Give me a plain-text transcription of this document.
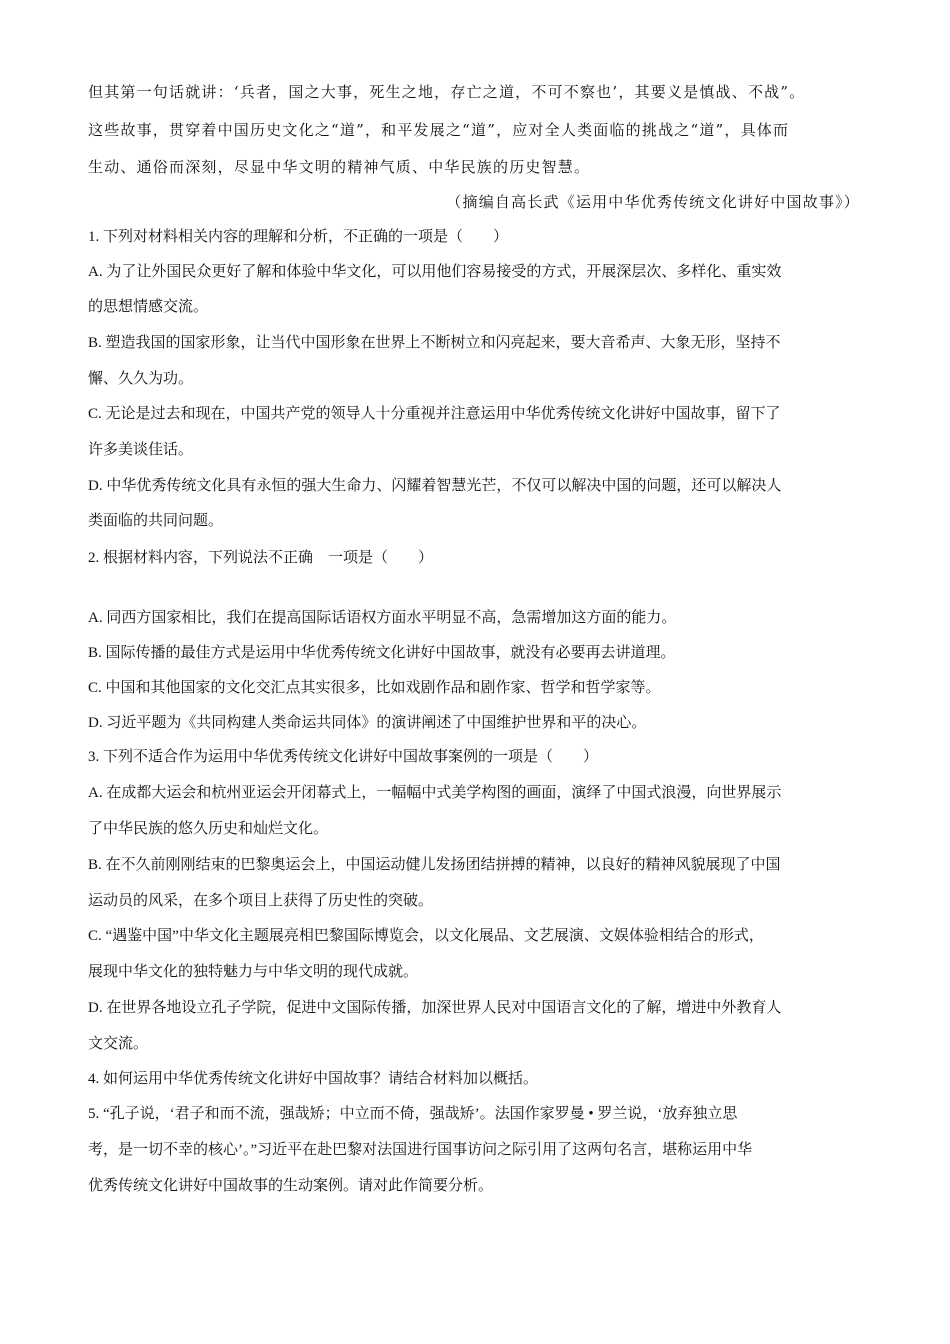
但其第一句话就讲：‘兵者，国之大事，死生之地，存亡之道，不可不察也’，其要义是慎战、不战”。
这些故事，贯穿着中国历史文化之“道”，和平发展之“道”，应对全人类面临的挑战之“道”，具体而
生动、通俗而深刻，尽显中华文明的精神气质、中华民族的历史智慧。
（摘编自高长武《运用中华优秀传统文化讲好中国故事》）
1. 下列对材料相关内容的理解和分析，不正确的一项是（　　）
A. 为了让外国民众更好了解和体验中华文化，可以用他们容易接受的方式，开展深层次、多样化、重实效
的思想情感交流。
B. 塑造我国的国家形象，让当代中国形象在世界上不断树立和闪亮起来，要大音希声、大象无形，坚持不
懈、久久为功。
C. 无论是过去和现在，中国共产党的领导人十分重视并注意运用中华优秀传统文化讲好中国故事，留下了
许多美谈佳话。
D. 中华优秀传统文化具有永恒的强大生命力、闪耀着智慧光芒，不仅可以解决中国的问题，还可以解决人
类面临的共同问题。
2. 根据材料内容，下列说法不正确　一项是（　　）
A. 同西方国家相比，我们在提高国际话语权方面水平明显不高，急需增加这方面的能力。
B. 国际传播的最佳方式是运用中华优秀传统文化讲好中国故事，就没有必要再去讲道理。
C. 中国和其他国家的文化交汇点其实很多，比如戏剧作品和剧作家、哲学和哲学家等。
D. 习近平题为《共同构建人类命运共同体》的演讲阐述了中国维护世界和平的决心。
3. 下列不适合作为运用中华优秀传统文化讲好中国故事案例的一项是（　　）
A. 在成都大运会和杭州亚运会开闭幕式上，一幅幅中式美学构图的画面，演绎了中国式浪漫，向世界展示
了中华民族的悠久历史和灿烂文化。
B. 在不久前刚刚结束的巴黎奥运会上，中国运动健儿发扬团结拼搏的精神，以良好的精神风貌展现了中国
运动员的风采，在多个项目上获得了历史性的突破。
C. “遇鉴中国”中华文化主题展亮相巴黎国际博览会，以文化展品、文艺展演、文娱体验相结合的形式，
展现中华文化的独特魅力与中华文明的现代成就。
D. 在世界各地设立孔子学院，促进中文国际传播，加深世界人民对中国语言文化的了解，增进中外教育人
文交流。
4. 如何运用中华优秀传统文化讲好中国故事？请结合材料加以概括。
5. “孔子说，‘君子和而不流，强哉矫；中立而不倚，强哉矫’。法国作家罗曼 • 罗兰说，‘放弃独立思
考，是一切不幸的核心’。”习近平在赴巴黎对法国进行国事访问之际引用了这两句名言，堪称运用中华
优秀传统文化讲好中国故事的生动案例。请对此作简要分析。
